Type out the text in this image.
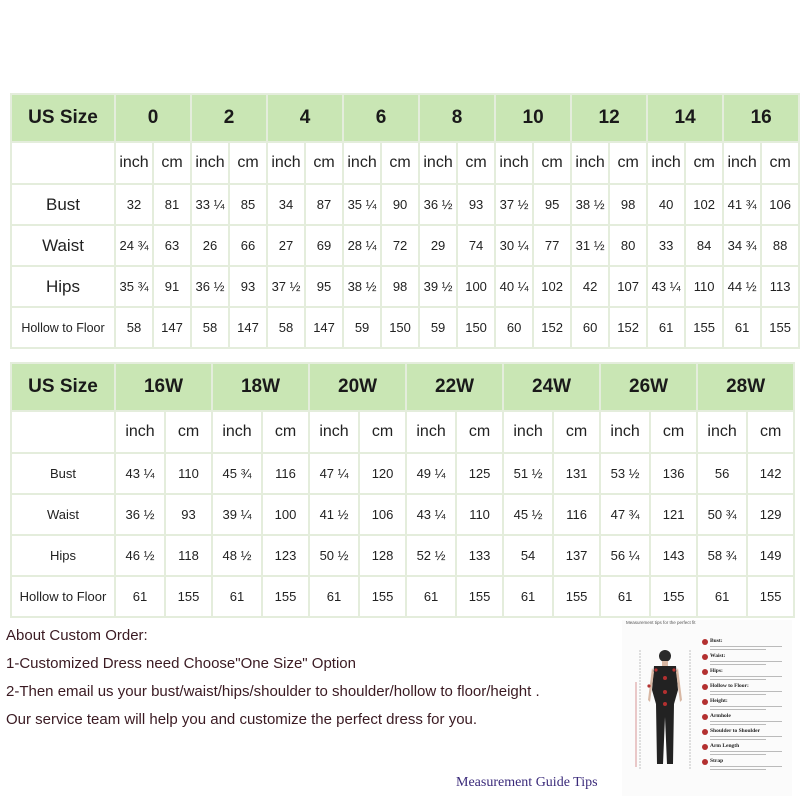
US Size	0		2		4		6		8		10		12		14		16	
	inch	cm	inch	cm	inch	cm	inch	cm	inch	cm	inch	cm	inch	cm	inch	cm	inch	cm
Bust	32	81	33 ¼	85	34	87	35 ¼	90	36 ½	93	37 ½	95	38 ½	98	40	102	41 ¾	106
Waist	24 ¾	63	26	66	27	69	28 ¼	72	29	74	30 ¼	77	31 ½	80	33	84	34 ¾	88
Hips	35 ¾	91	36 ½	93	37 ½	95	38 ½	98	39 ½	100	40 ¼	102	42	107	43 ¼	110	44 ½	113
Hollow to Floor	58	147	58	147	58	147	59	150	59	150	60	152	60	152	61	155	61	155
US Size	16W		18W		20W		22W		24W		26W		28W	
	inch	cm	inch	cm	inch	cm	inch	cm	inch	cm	inch	cm	inch	cm
Bust	43 ¼	110	45 ¾	116	47 ¼	120	49 ¼	125	51 ½	131	53 ½	136	56	142
Waist	36 ½	93	39 ¼	100	41 ½	106	43 ¼	110	45 ½	116	47 ¾	121	50 ¾	129
Hips	46 ½	118	48 ½	123	50 ½	128	52 ½	133	54	137	56 ¼	143	58 ¾	149
Hollow to Floor	61	155	61	155	61	155	61	155	61	155	61	155	61	155
About Custom Order:
1-Customized Dress need Choose"One Size" Option
2-Then email us your bust/waist/hips/shoulder to shoulder/hollow to floor/height .
Our service team will help you and customize the perfect dress for you.
Measurement tips for the perfect fit
Bust:
Waist:
Hips:
Hollow to Floor:
Height:
Armhole
Shoulder to Shoulder
Arm Length
Strap
Measurement Guide Tips
